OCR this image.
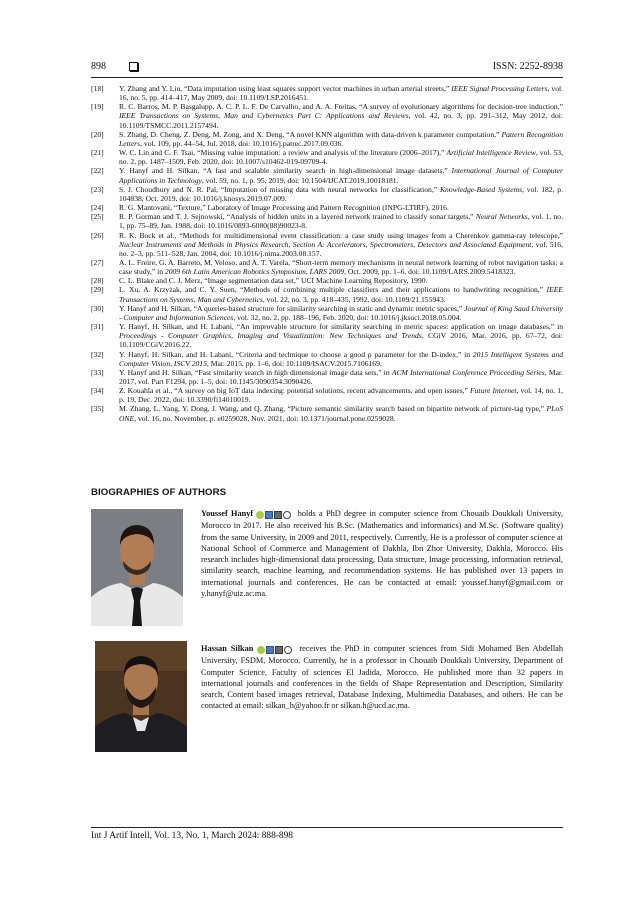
898	ISSN: 2252-8938
[18]	Y. Zhang and Y. Liu, “Data imputation using least squares support vector machines in urban arterial streets,” IEEE Signal Processing Letters, vol. 16, no. 5, pp. 414–417, May 2009, doi: 10.1109/LSP.2016451.
[19]	R. C. Barros, M. P. Basgalupp, A. C. P. L. F. De Carvalho, and A. A. Freitas, “A survey of evolutionary algorithms for decision-tree induction,” IEEE Transactions on Systems, Man and Cybernetics Part C: Applications and Reviews, vol. 42, no. 3, pp. 291–312, May 2012, doi: 10.1109/TSMCC.2011.2157494.
[20]	S. Zhang, D. Cheng, Z. Deng, M. Zong, and X. Deng, “A novel KNN algorithm with data-driven k parameter computation,” Pattern Recognition Letters, vol. 109, pp. 44–54, Jul. 2018, doi: 10.1016/j.patrec.2017.09.036.
[21]	W. C. Lin and C. F. Tsai, “Missing value imputation: a review and analysis of the literature (2006–2017),” Artificial Intelligence Review, vol. 53, no. 2, pp. 1487–1509, Feb. 2020, doi: 10.1007/s10462-019-09709-4.
[22]	Y. Hanyf and H. Silkan, “A fast and scalable similarity search in high-dimensional image datasets,” International Journal of Computer Applications in Technology, vol. 59, no. 1, p. 95, 2019, doi: 10.1504/IJCAT.2019.10018181.
[23]	S. J. Choudhury and N. R. Pal, “Imputation of missing data with neural networks for classification,” Knowledge-Based Systems, vol. 182, p. 104838, Oct. 2019, doi: 10.1016/j.knosys.2019.07.009.
[24]	R. G. Mantovani, “Texture,” Laboratory of Image Processing and Pattern Recognition (INPG-LTIRF), 2016.
[25]	R. P. Gorman and T. J. Sejnowski, “Analysis of hidden units in a layered network trained to classify sonar targets,” Neural Networks, vol. 1, no. 1, pp. 75–89, Jan. 1988, doi: 10.1016/0893-6080(88)90023-8.
[26]	R. K. Bock et al., “Methods for multidimensional event classification: a case study using images from a Cherenkov gamma-ray telescope,” Nuclear Instruments and Methods in Physics Research, Section A: Accelerators, Spectrometers, Detectors and Associated Equipment, vol. 516, no. 2–3, pp. 511–528, Jan. 2004, doi: 10.1016/j.nima.2003.08.157.
[27]	A. L. Freire, G. A. Barreto, M. Veloso, and A. T. Varela, “Short-term memory mechanisms in neural network learning of robot navigation tasks: a case study,” in 2009 6th Latin American Robotics Symposium, LARS 2009, Oct. 2009, pp. 1–6, doi: 10.1109/LARS.2009.5418323.
[28]	C. L. Blake and C. J. Merz, “Image segmentation data set,” UCI Machine Learning Repository, 1990.
[29]	L. Xu, A. Krzyżak, and C. Y. Suen, “Methods of combining multiple classifiers and their applications to handwriting recognition,” IEEE Transactions on Systems, Man and Cybernetics, vol. 22, no. 3, pp. 418–435, 1992, doi: 10.1109/21.155943.
[30]	Y. Hanyf and H. Silkan, “A queries-based structure for similarity searching in static and dynamic metric spaces,” Journal of King Saud University - Computer and Information Sciences, vol. 32, no. 2, pp. 188–196, Feb. 2020, doi: 10.1016/j.jksuci.2018.05.004.
[31]	Y. Hanyf, H. Silkan, and H. Labani, “An improvable structure for similarity searching in metric spaces: application on image databases,” in Proceedings - Computer Graphics, Imaging and Visualization: New Techniques and Trends, CGiV 2016, Mar. 2016, pp. 67–72, doi: 10.1109/CGiV.2016.22.
[32]	Y. Hanyf, H. Silkan, and H. Labani, “Criteria and technique to choose a good ρ parameter for the D-index,” in 2015 Intelligent Systems and Computer Vision, ISCV 2015, Mar. 2015, pp. 1–6, doi: 10.1109/ISACV.2015.7106169.
[33]	Y. Hanyf and H. Silkan, “Fast similarity search in high dimensional image data sets,” in ACM International Conference Proceeding Series, Mar. 2017, vol. Part F1294, pp. 1–5, doi: 10.1145/3090354.3090426.
[34]	Z. Kouahla et al., “A survey on big IoT data indexing: potential solutions, recent advancements, and open issues,” Future Internet, vol. 14, no. 1, p. 19, Dec. 2022, doi: 10.3390/fi14010019.
[35]	M. Zhang, L. Yang, Y. Dong, J. Wang, and Q. Zhang, “Picture semantic similarity search based on bipartite network of picture-tag type,” PLoS ONE, vol. 16, no. November, p. e0259028, Nov. 2021, doi: 10.1371/journal.pone.0259028.
BIOGRAPHIES OF AUTHORS
Youssef Hanyf	holds a PhD degree in computer science from Chouaib Doukkali University, Morocco in 2017. He also received his B.Sc. (Mathematics and informatics) and M.Sc. (Software quality) from the same University, in 2009 and 2011, respectively. Currently, He is a professor of computer science at National School of Commerce and Management of Dakhla, Ibn Zhor University, Dakhla, Morocco. His research includes high-dimensional data processing, Data structure, Image processing, information retrieval, similarity search, machine learning, and recommendation systems. He has published over 13 papers in international journals and conferences. He can be contacted at email: youssef.hanyf@gmail.com or y.hanyf@uiz.ac.ma.
Hassan Silkan	receives the PhD in computer sciences from Sidi Mohamed Ben Abdellah University, FSDM, Morocco. Currently, he is a professor in Chouaib Doukkali University, Department of Computer Science, Faculty of sciences El Jadida, Morocco. He published more than 32 papers in international journals and conferences in the fields of Shape Representation and Description, Similarity search, Content based images retrieval, Database Indexing, Multimedia Databases, and others. He can be contacted at email: silkan_h@yahoo.fr or silkan.h@ucd.ac.ma.
Int J Artif Intell, Vol. 13, No. 1, March 2024: 888-898
